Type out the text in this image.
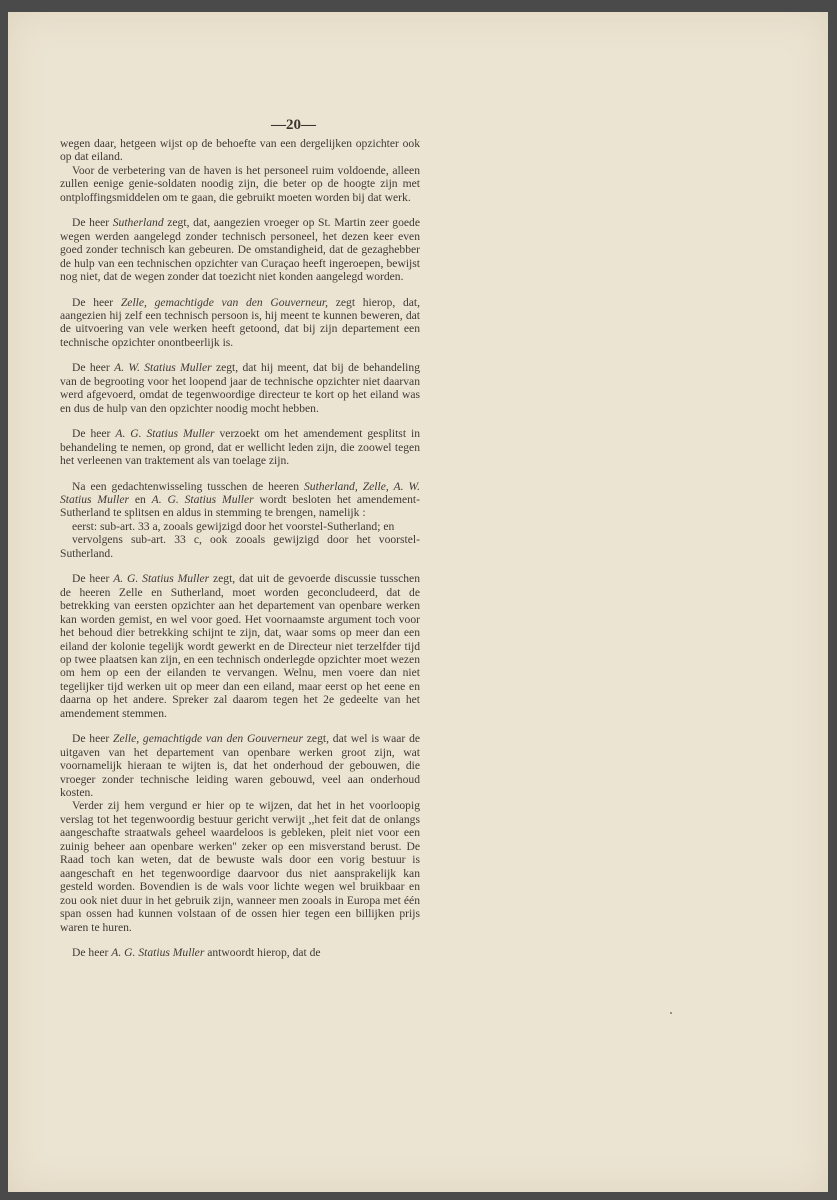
—20—

wegen daar, hetgeen wijst op de behoefte van een dergelijken opzichter ook op dat eiland.

Voor de verbetering van de haven is het personeel ruim voldoende, alleen zullen eenige genie-soldaten noodig zijn, die beter op de hoogte zijn met ontploffingsmiddelen om te gaan, die gebruikt moeten worden bij dat werk.

De heer Sutherland zegt, dat, aangezien vroeger op St. Martin zeer goede wegen werden aangelegd zonder technisch personeel, het dezen keer even goed zonder technisch kan gebeuren. De omstandigheid, dat de gezaghebber de hulp van een technischen opzichter van Curaçao heeft ingeroepen, bewijst nog niet, dat de wegen zonder dat toezicht niet konden aangelegd worden.

De heer Zelle, gemachtigde van den Gouverneur, zegt hierop, dat, aangezien hij zelf een technisch persoon is, hij meent te kunnen beweren, dat de uitvoering van vele werken heeft getoond, dat bij zijn departement een technische opzichter onontbeerlijk is.

De heer A. W. Statius Muller zegt, dat hij meent, dat bij de behandeling van de begrooting voor het loopend jaar de technische opzichter niet daarvan werd afgevoerd, omdat de tegenwoordige directeur te kort op het eiland was en dus de hulp van den opzichter noodig mocht hebben.

De heer A. G. Statius Muller verzoekt om het amendement gesplitst in behandeling te nemen, op grond, dat er wellicht leden zijn, die zoowel tegen het verleenen van traktement als van toelage zijn.

Na een gedachtenwisseling tusschen de heeren Sutherland, Zelle, A. W. Statius Muller en A. G. Statius Muller wordt besloten het amendement-Sutherland te splitsen en aldus in stemming te brengen, namelijk :

eerst: sub-art. 33 a, zooals gewijzigd door het voorstel-Sutherland; en

vervolgens sub-art. 33 c, ook zooals gewijzigd door het voorstel-Sutherland.

De heer A. G. Statius Muller zegt, dat uit de gevoerde discussie tusschen de heeren Zelle en Sutherland, moet worden geconcludeerd, dat de betrekking van eersten opzichter aan het departement van openbare werken kan worden gemist, en wel voor goed. Het voornaamste argument toch voor het behoud dier betrekking schijnt te zijn, dat, waar soms op meer dan een eiland der kolonie tegelijk wordt gewerkt en de Directeur niet terzelfder tijd op twee plaatsen kan zijn, en een technisch onderlegde opzichter moet wezen om hem op een der eilanden te vervangen. Welnu, men voere dan niet tegelijker tijd werken uit op meer dan een eiland, maar eerst op het eene en daarna op het andere. Spreker zal daarom tegen het 2e gedeelte van het amendement stemmen.

De heer Zelle, gemachtigde van den Gouverneur zegt, dat wel is waar de uitgaven van het departement van openbare werken groot zijn, wat voornamelijk hieraan te wijten is, dat het onderhoud der gebouwen, die vroeger zonder technische leiding waren gebouwd, veel aan onderhoud kosten.

Verder zij hem vergund er hier op te wijzen, dat het in het voorloopig verslag tot het tegenwoordig bestuur gericht verwijt ,,het feit dat de onlangs aangeschafte straatwals geheel waardeloos is gebleken, pleit niet voor een zuinig beheer aan openbare werken'' zeker op een misverstand berust. De Raad toch kan weten, dat de bewuste wals door een vorig bestuur is aangeschaft en het tegenwoordige daarvoor dus niet aansprakelijk kan gesteld worden. Bovendien is de wals voor lichte wegen wel bruikbaar en zou ook niet duur in het gebruik zijn, wanneer men zooals in Europa met één span ossen had kunnen volstaan of de ossen hier tegen een billijken prijs waren te huren.

De heer A. G. Statius Muller antwoordt hierop, dat de
